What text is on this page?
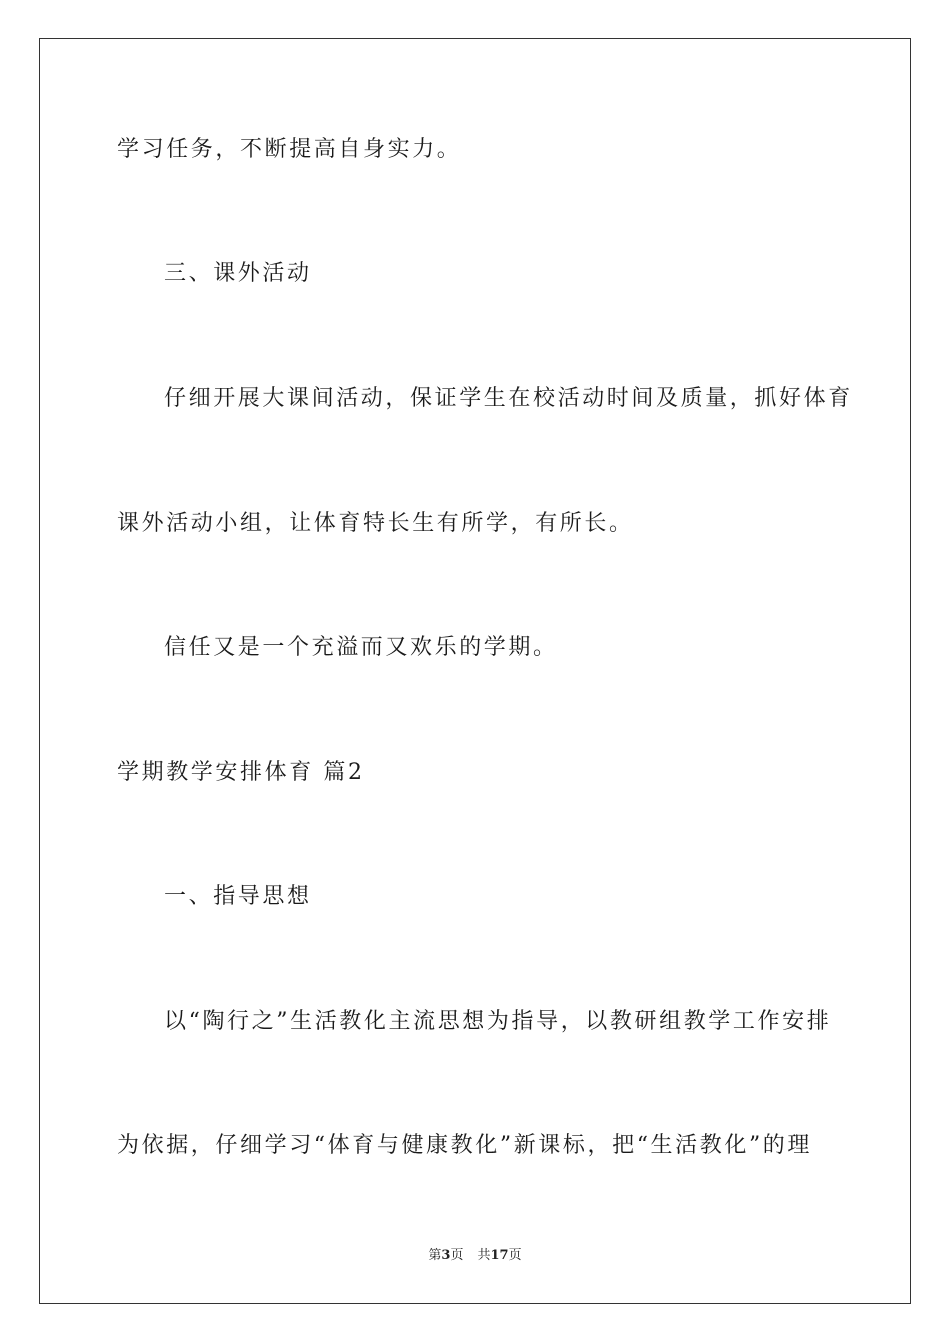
学习任务，不断提高自身实力。
三、课外活动
仔细开展大课间活动，保证学生在校活动时间及质量，抓好体育
课外活动小组，让体育特长生有所学，有所长。
信任又是一个充溢而又欢乐的学期。
学期教学安排体育 篇2
一、指导思想
以“陶行之”生活教化主流思想为指导，以教研组教学工作安排
为依据，仔细学习“体育与健康教化”新课标，把“生活教化”的理
第3页 共17页
